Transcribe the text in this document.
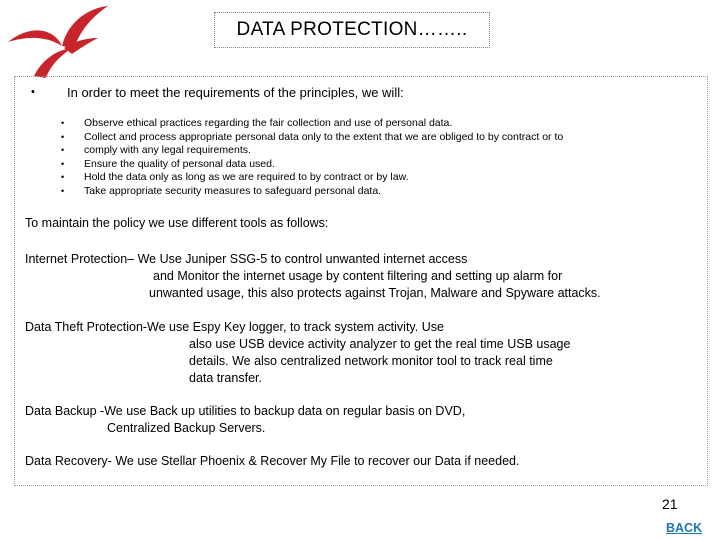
DATA PROTECTION……..
• In order to meet the requirements of the principles, we will:
• Observe ethical practices regarding the fair collection and use of personal data.
• Collect and process appropriate personal data only to the extent that we are obliged to by contract or to
• comply with any legal requirements.
• Ensure the quality of personal data used.
• Hold the data only as long as we are required to by contract or by law.
• Take appropriate security measures to safeguard personal data.
To maintain the policy we use different tools as follows:
Internet Protection– We Use Juniper SSG-5 to control unwanted internet access
and Monitor the internet usage by content filtering and setting up alarm for
unwanted usage, this also protects against Trojan, Malware and Spyware attacks.
Data Theft Protection-We use Espy Key logger, to track system activity. Use
also use USB device activity analyzer to get the real time USB usage
details. We also centralized network monitor tool to track real time
data transfer.
Data Backup -We use Back up utilities to backup data on regular basis on DVD,
Centralized Backup Servers.
Data Recovery- We use Stellar Phoenix & Recover My File to recover our Data if needed.
21
BACK
